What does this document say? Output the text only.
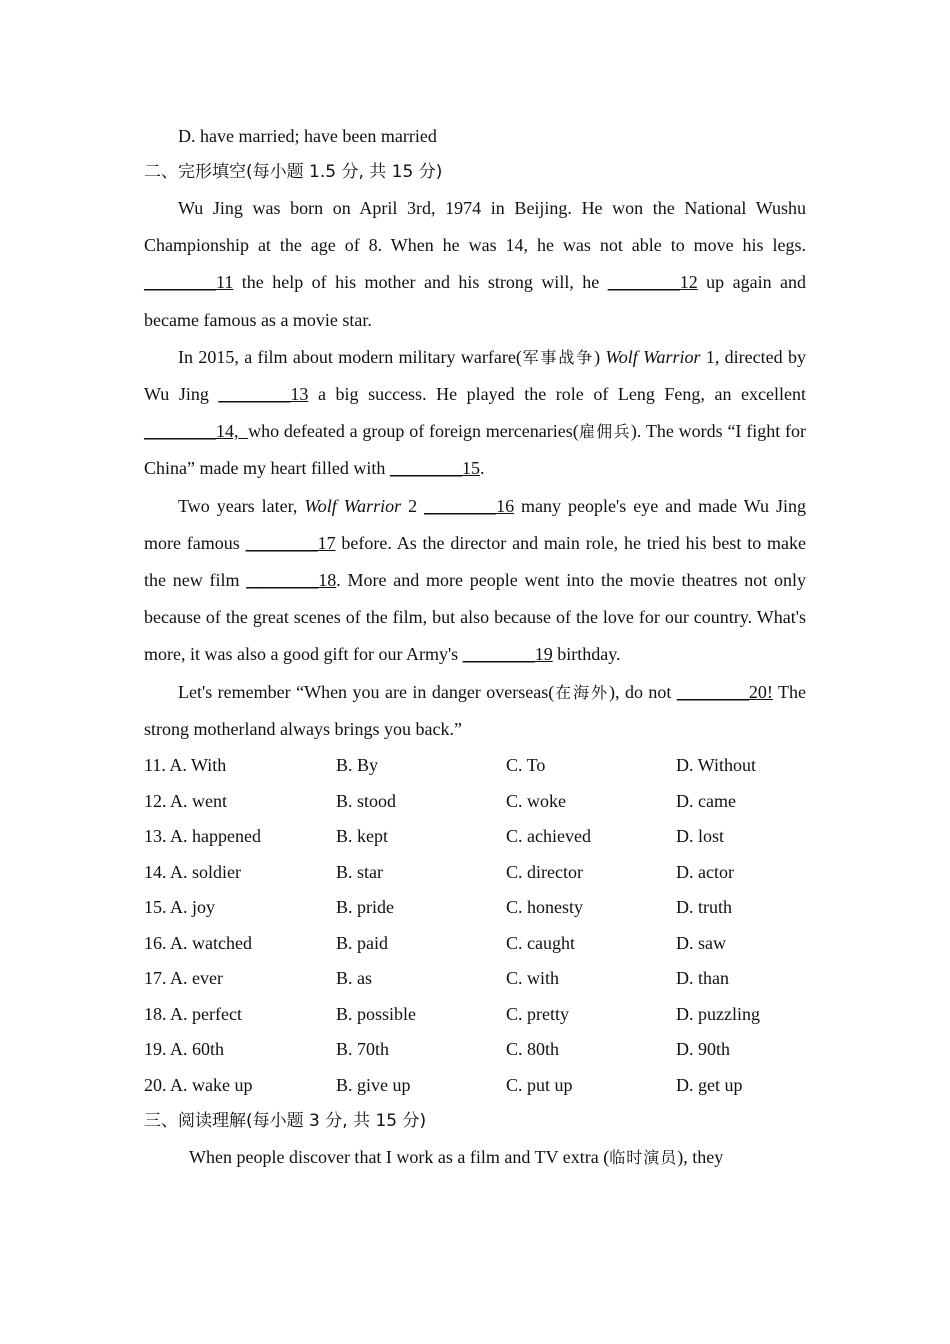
D. have married; have been married
二、完形填空(每小题 1.5 分, 共 15 分)

Wu Jing was born on April 3rd, 1974 in Beijing. He won the National Wushu Championship at the age of 8. When he was 14, he was not able to move his legs. ________11 the help of his mother and his strong will, he ________12 up again and became famous as a movie star.

In 2015, a film about modern military warfare(军事战争) Wolf Warrior 1, directed by Wu Jing ________13 a big success. He played the role of Leng Feng, an excellent ________14,  who defeated a group of foreign mercenaries(雇佣兵). The words “I fight for China” made my heart filled with ________15.

Two years later, Wolf Warrior 2 ________16 many people's eye and made Wu Jing more famous ________17 before. As the director and main role, he tried his best to make the new film ________18. More and more people went into the movie theatres not only because of the great scenes of the film, but also because of the love for our country. What's more, it was also a good gift for our Army's ________19 birthday.

Let's remember “When you are in danger overseas(在海外), do not ________20! The strong motherland always brings you back.”

11. A. With	B. By	C. To	D. Without
12. A. went	B. stood	C. woke	D. came
13. A. happened	B. kept	C. achieved	D. lost
14. A. soldier	B. star	C. director	D. actor
15. A. joy	B. pride	C. honesty	D. truth
16. A. watched	B. paid	C. caught	D. saw
17. A. ever	B. as	C. with	D. than
18. A. perfect	B. possible	C. pretty	D. puzzling
19. A. 60th	B. 70th	C. 80th	D. 90th
20. A. wake up	B. give up	C. put up	D. get up
三、阅读理解(每小题 3 分, 共 15 分)

When people discover that I work as a film and TV extra (临时演员), they
